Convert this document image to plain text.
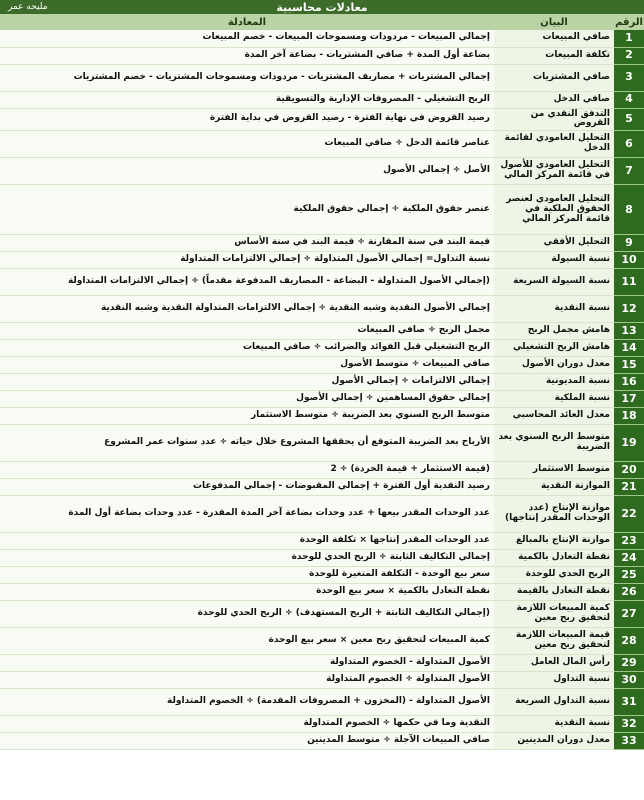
معادلات محاسبية
مليحه عمر
الرقم	البيان	المعادلة
1	صافي المبيعات	إجمالي المبيعات - مردودات ومسموحات المبيعات - خصم المبيعات
2	تكلفة المبيعات	بضاعة أول المدة + صافي المشتريات - بضاعة آخر المدة
3	صافي المشتريات	إجمالي المشتريات + مصاريف المشتريات - مردودات ومسموحات المشتريات - خصم المشتريات
4	صافي الدخل	الربح التشغيلي - المصروفات الإدارية والتسويقية
5	التدفق النقدي من القروض	رصيد القروض في نهاية الفترة - رصيد القروض في بداية الفترة
6	التحليل العامودي لقائمة الدخل	عناصر قائمة الدخل ÷ صافي المبيعات
7	التحليل العامودي للأصول في قائمة المركز المالي	الأصل ÷ إجمالي الأصول
8	التحليل العامودي لعنصر الحقوق الملكية في قائمة المركز المالي	عنصر حقوق الملكية ÷ إجمالي حقوق الملكية
9	التحليل الأفقي	قيمة البند في سنة المقارنة ÷ قيمة البند في سنة الأساس
10	نسبة السيولة	نسبة التداول= إجمالي الأصول المتداولة ÷ إجمالي الالتزامات المتداولة
11	نسبة السيولة السريعة	(إجمالي الأصول المتداولة - البضاعة - المصاريف المدفوعة مقدماً) ÷ إجمالي الالتزامات المتداولة
12	نسبة النقدية	إجمالي الأصول النقدية وشبه النقدية ÷ إجمالي الالتزامات المتداولة النقدية وشبه النقدية
13	هامش مجمل الربح	مجمل الربح ÷ صافي المبيعات
14	هامش الربح التشغيلي	الربح التشغيلي قبل الفوائد والضرائب ÷ صافي المبيعات
15	معدل دوران الأصول	صافي المبيعات ÷ متوسط الأصول
16	نسبة المديونية	إجمالي الالتزامات ÷ إجمالي الأصول
17	نسبة الملكية	إجمالي حقوق المساهمين ÷ إجمالي الأصول
18	معدل العائد المحاسبي	متوسط الربح السنوي بعد الضريبة ÷ متوسط الاستثمار
19	متوسط الربح السنوي بعد الضريبة	الأرباح بعد الضريبة المتوقع أن يحققها المشروع خلال حياته ÷ عدد سنوات عمر المشروع
20	متوسط الاستثمار	(قيمة الاستثمار + قيمة الخردة) ÷ 2
21	الموازنة النقدية	رصيد النقدية أول الفترة + إجمالي المقبوضات - إجمالي المدفوعات
22	موازنة الإنتاج (عدد الوحدات المقدر إنتاجها)	عدد الوحدات المقدر بيعها + عدد وحدات بضاعة آخر المدة المقدرة - عدد وحدات بضاعة أول المدة
23	موازنة الإنتاج بالمبالغ	عدد الوحدات المقدر إنتاجها × تكلفة الوحدة
24	نقطة التعادل بالكمية	إجمالي التكاليف الثابتة ÷ الربح الحدي للوحدة
25	الربح الحدي للوحدة	سعر بيع الوحدة - التكلفة المتغيرة للوحدة
26	نقطة التعادل بالقيمة	نقطة التعادل بالكمية × سعر بيع الوحدة
27	كمية المبيعات اللازمة لتحقيق ربح معين	(إجمالي التكاليف الثابتة + الربح المستهدف) ÷ الربح الحدي للوحدة
28	قيمة المبيعات اللازمة لتحقيق ربح معين	كمية المبيعات لتحقيق ربح معين × سعر بيع الوحدة
29	رأس المال العامل	الأصول المتداولة - الخصوم المتداولة
30	نسبة التداول	الأصول المتداولة ÷ الخصوم المتداولة
31	نسبة التداول السريعة	الأصول المتداولة - (المخزون + المصروفات المقدمة) ÷ الخصوم المتداولة
32	نسبة النقدية	النقدية وما في حكمها ÷ الخصوم المتداولة
33	معدل دوران المدينين	صافي المبيعات الآجلة ÷ متوسط المدينين
